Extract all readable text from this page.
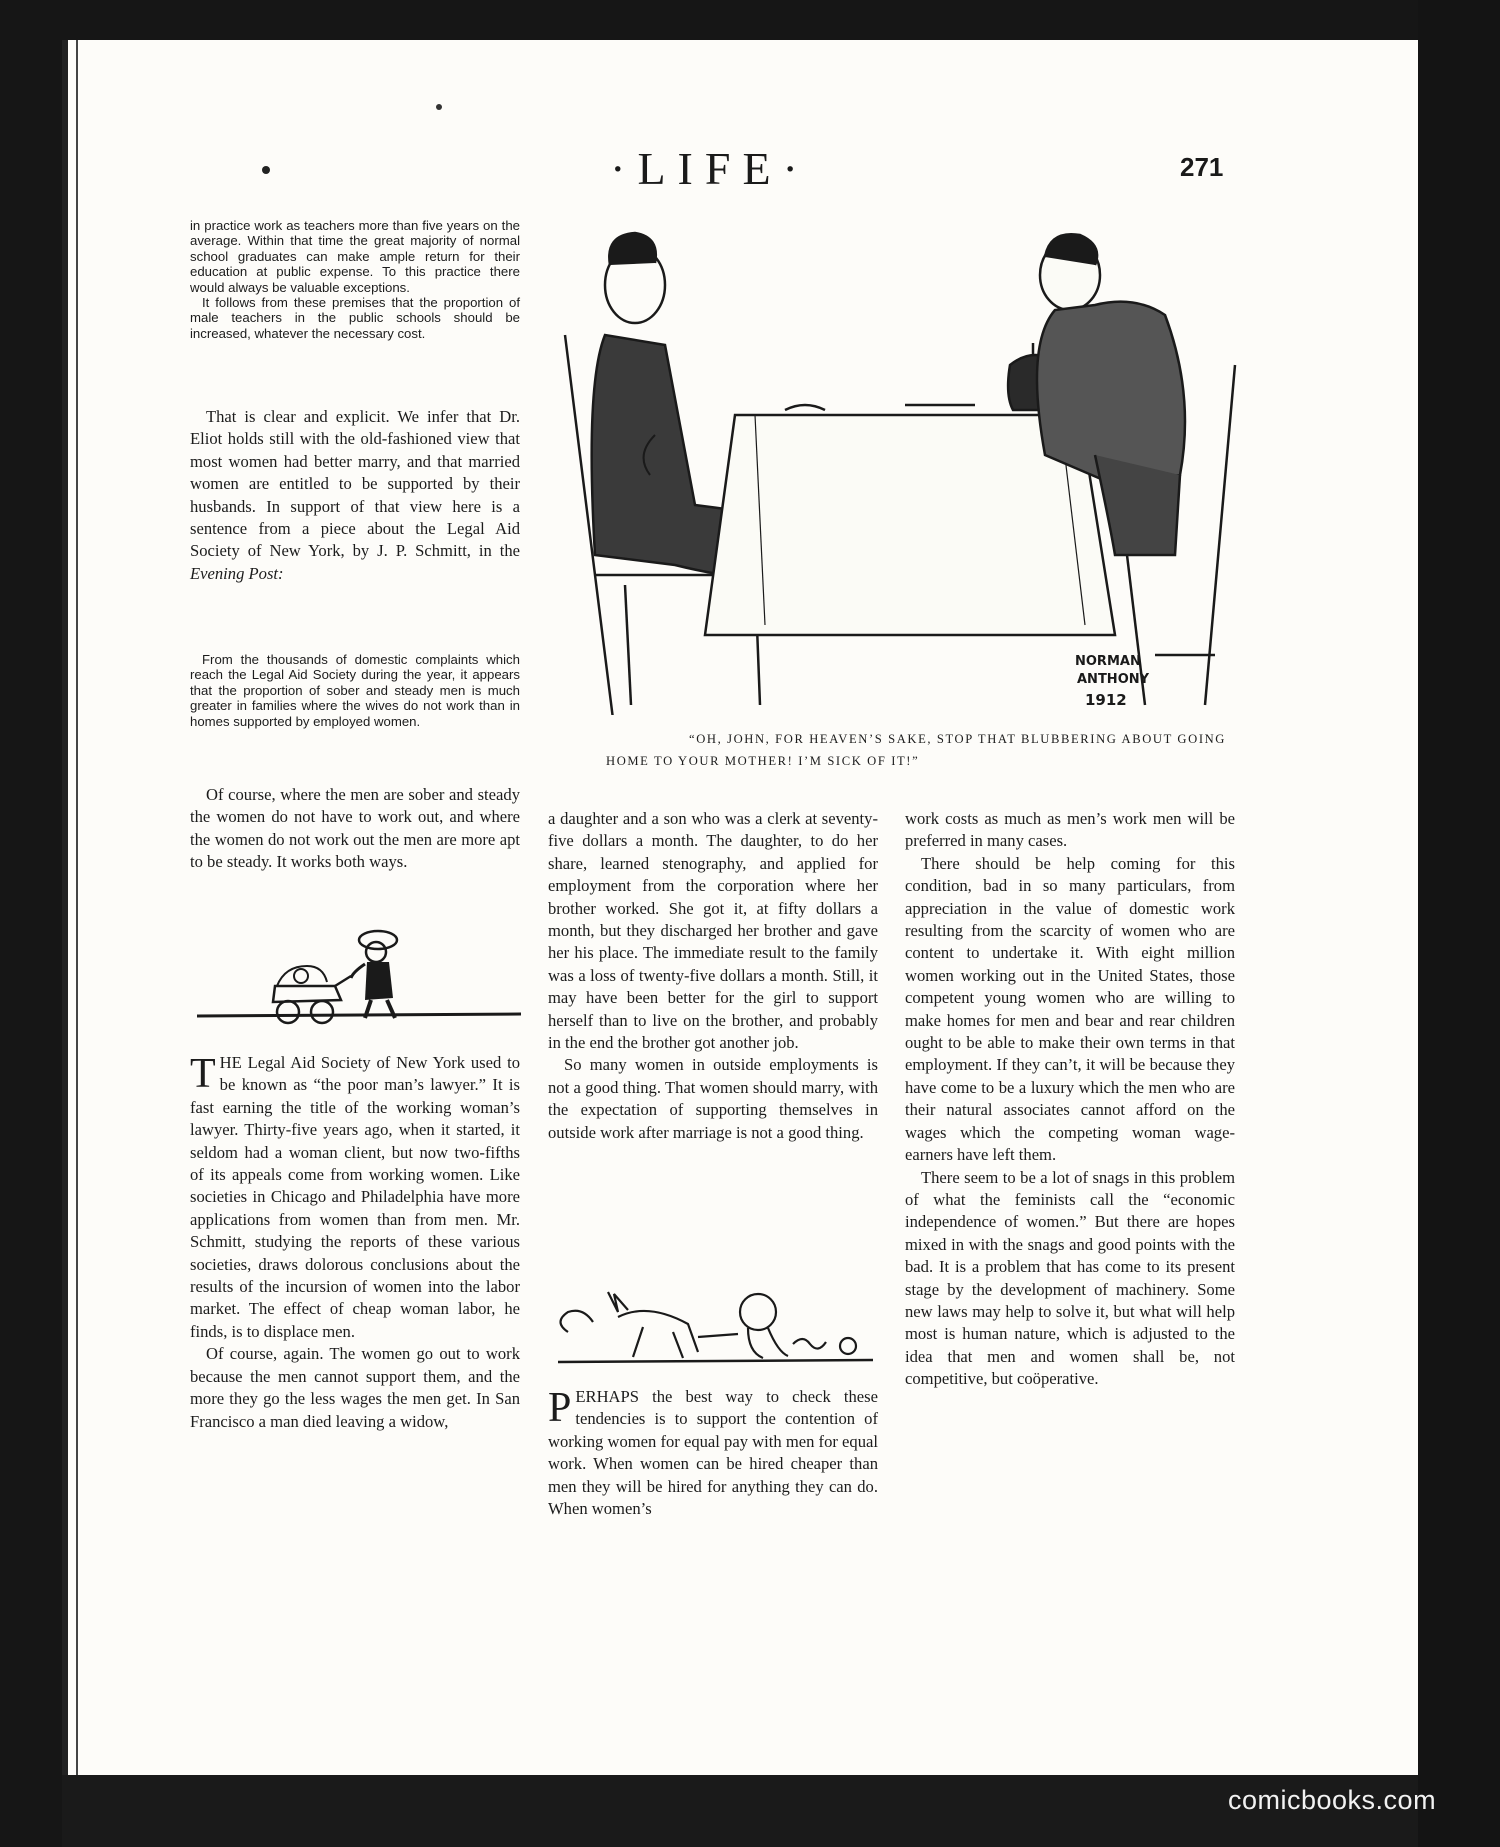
·LIFE·	271

in practice work as teachers more than five years on the average. Within that time the great majority of normal school graduates can make ample return for their education at public expense. To this practice there would always be valuable exceptions.

It follows from these premises that the proportion of male teachers in the public schools should be increased, whatever the necessary cost.

That is clear and explicit. We infer that Dr. Eliot holds still with the old-fashioned view that most women had better marry, and that married women are entitled to be supported by their husbands. In support of that view here is a sentence from a piece about the Legal Aid Society of New York, by J. P. Schmitt, in the Evening Post:

From the thousands of domestic complaints which reach the Legal Aid Society during the year, it appears that the proportion of sober and steady men is much greater in families where the wives do not work than in homes supported by employed women.

Of course, where the men are sober and steady the women do not have to work out, and where the women do not work out the men are more apt to be steady. It works both ways.

THE Legal Aid Society of New York used to be known as “the poor man’s lawyer.” It is fast earning the title of the working woman’s lawyer. Thirty-five years ago, when it started, it seldom had a woman client, but now two-fifths of its appeals come from working women. Like societies in Chicago and Philadelphia have more applications from women than from men. Mr. Schmitt, studying the reports of these various societies, draws dolorous conclusions about the results of the incursion of women into the labor market. The effect of cheap woman labor, he finds, is to displace men.

Of course, again. The women go out to work because the men cannot support them, and the more they go the less wages the men get. In San Francisco a man died leaving a widow,

NORMAN
ANTHONY
1912
“OH, JOHN, FOR HEAVEN’S SAKE, STOP THAT BLUBBERING ABOUT GOING
HOME TO YOUR MOTHER! I’M SICK OF IT!”

a daughter and a son who was a clerk at seventy-five dollars a month. The daughter, to do her share, learned stenography, and applied for employment from the corporation where her brother worked. She got it, at fifty dollars a month, but they discharged her brother and gave her his place. The immediate result to the family was a loss of twenty-five dollars a month. Still, it may have been better for the girl to support herself than to live on the brother, and probably in the end the brother got another job.

So many women in outside employments is not a good thing. That women should marry, with the expectation of supporting themselves in outside work after marriage is not a good thing.

PERHAPS the best way to check these tendencies is to support the contention of working women for equal pay with men for equal work. When women can be hired cheaper than men they will be hired for anything they can do. When women’s

work costs as much as men’s work men will be preferred in many cases.

There should be help coming for this condition, bad in so many particulars, from appreciation in the value of domestic work resulting from the scarcity of women who are content to undertake it. With eight million women working out in the United States, those competent young women who are willing to make homes for men and bear and rear children ought to be able to make their own terms in that employment. If they can’t, it will be because they have come to be a luxury which the men who are their natural associates cannot afford on the wages which the competing woman wage-earners have left them.

There seem to be a lot of snags in this problem of what the feminists call the “economic independence of women.” But there are hopes mixed in with the snags and good points with the bad. It is a problem that has come to its present stage by the development of machinery. Some new laws may help to solve it, but what will help most is human nature, which is adjusted to the idea that men and women shall be, not competitive, but coöperative.

comicbooks.com
